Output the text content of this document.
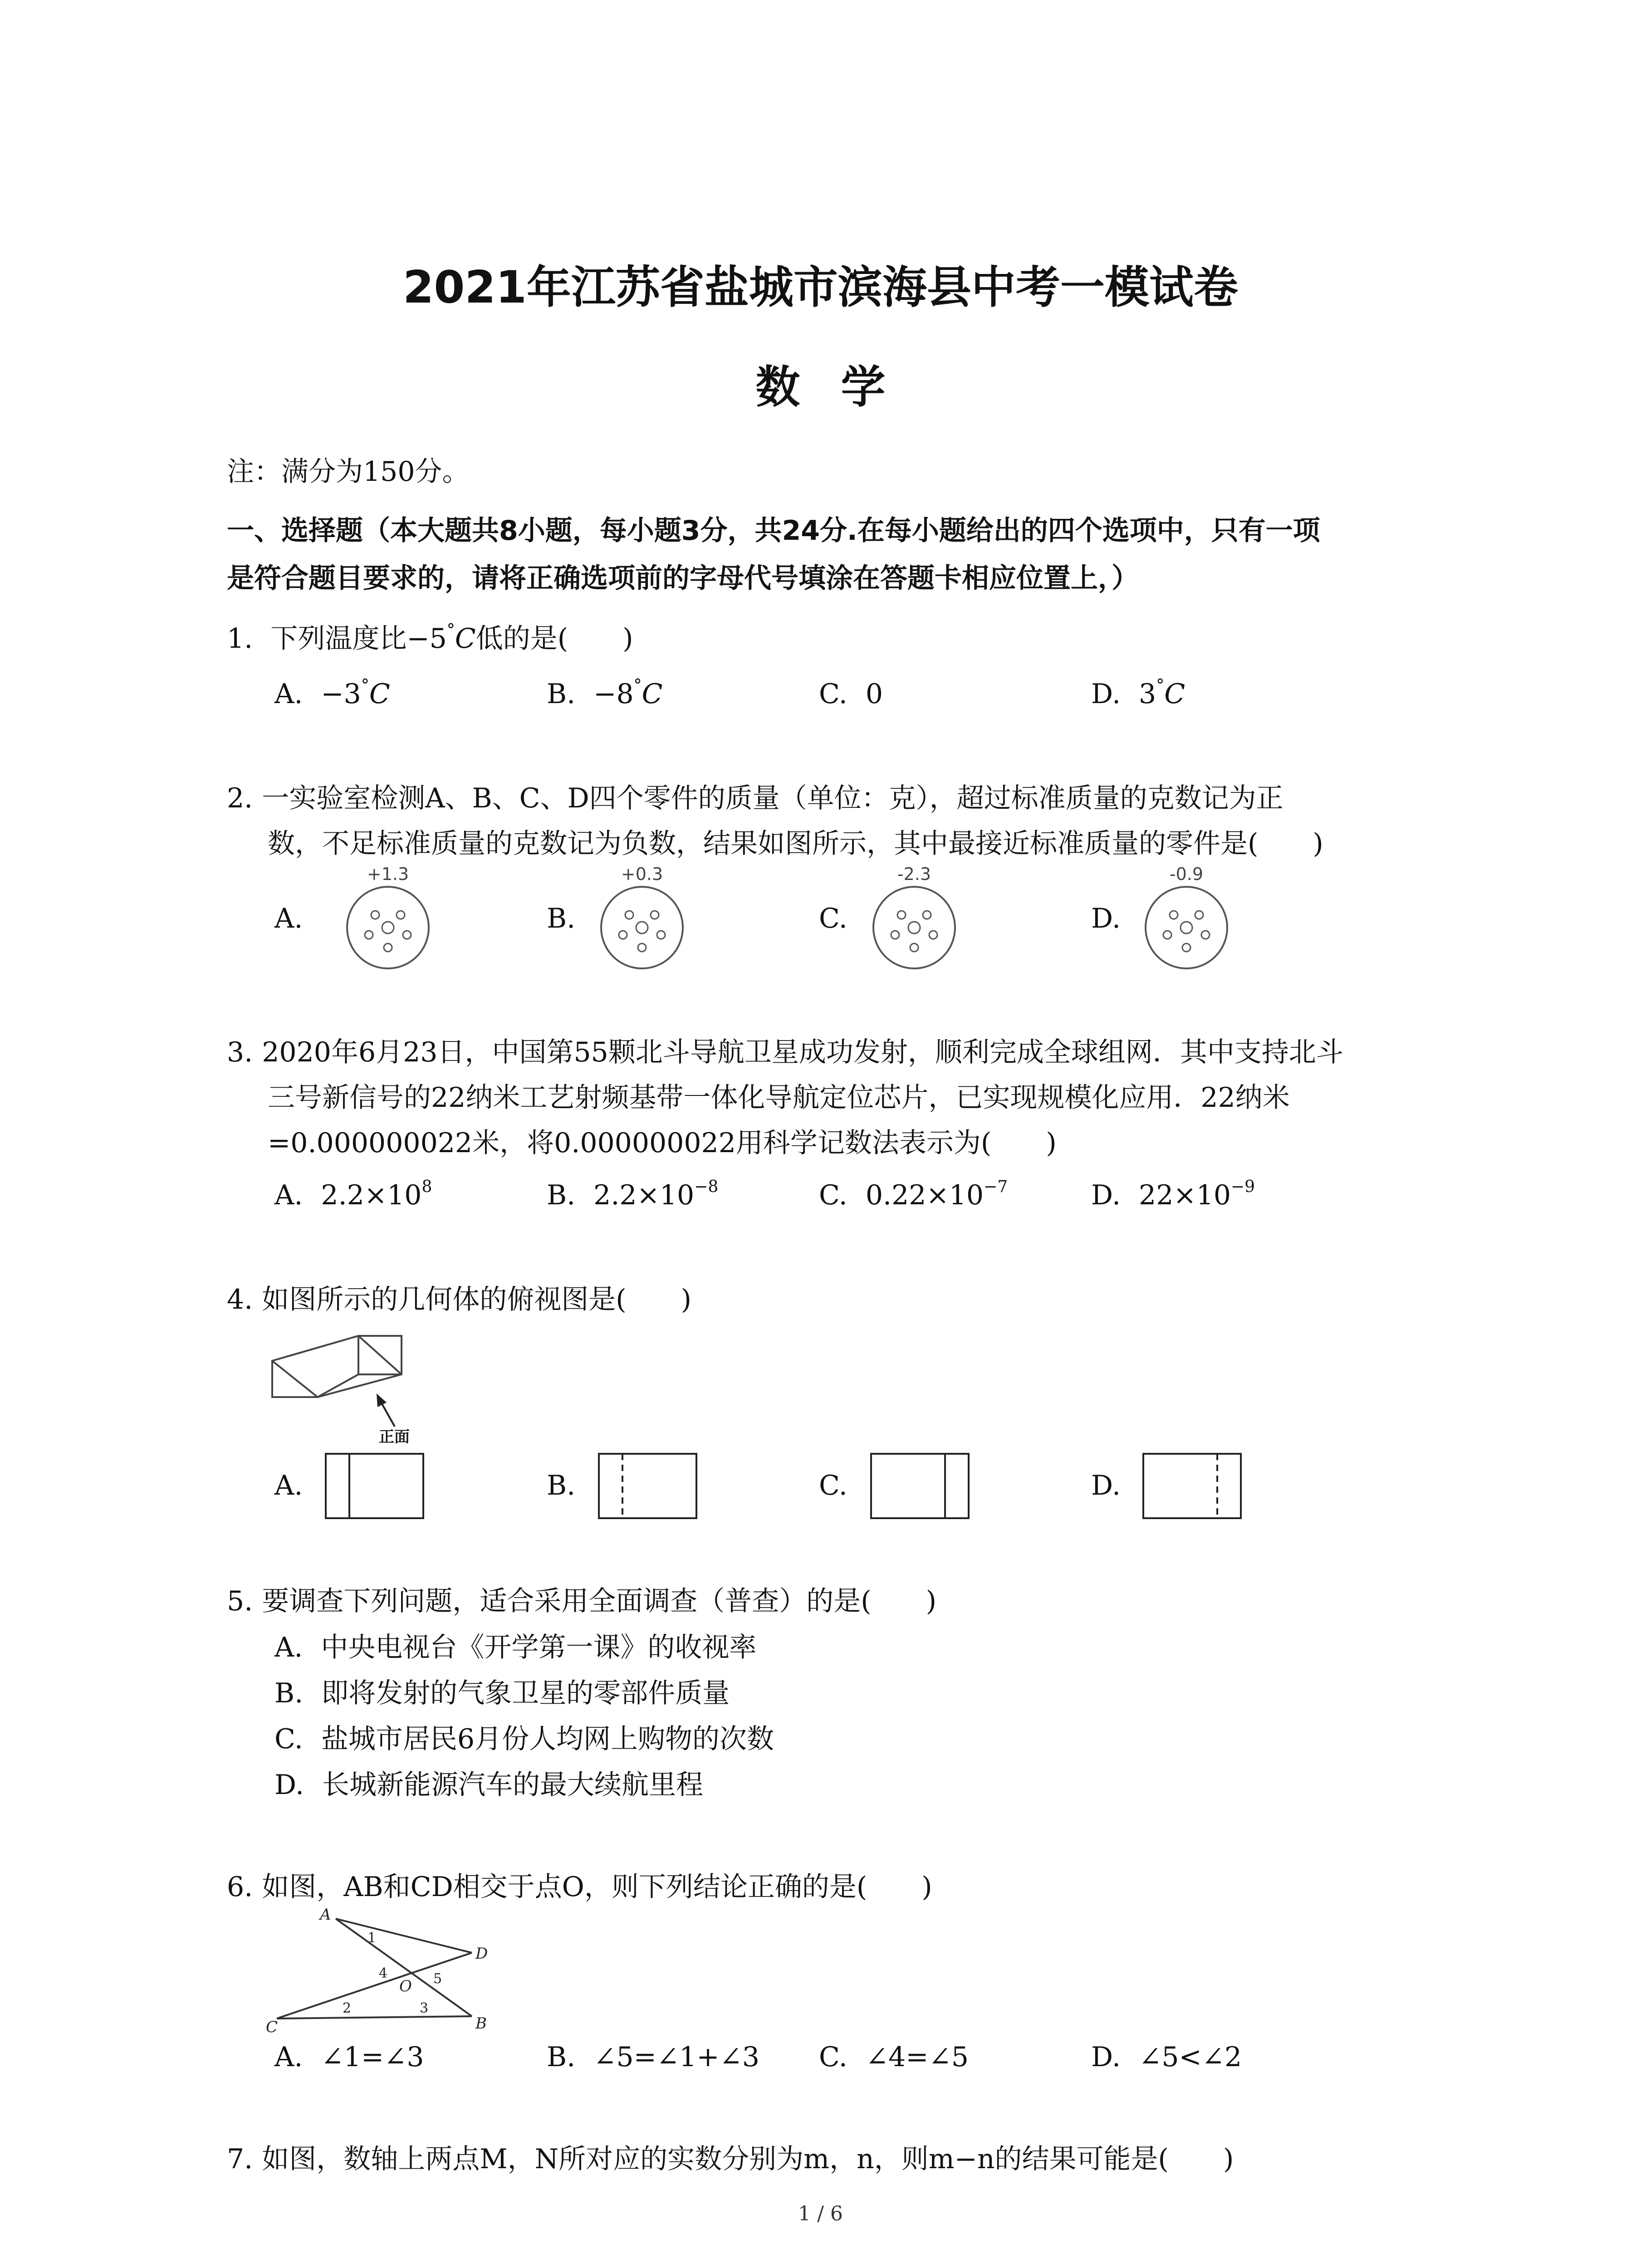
2021年江苏省盐城市滨海县中考一模试卷
数学
注：满分为150分。
一、选择题（本大题共8小题，每小题3分，共24分.在每小题给出的四个选项中，只有一项
是符合题目要求的，请将正确选项前的字母代号填涂在答题卡相应位置上，）
1. 下列温度比−5°C低的是( )
A. −3°C	B. −8°C	C. 0	D. 3°C
2. 一实验室检测A、B、C、D四个零件的质量（单位：克），超过标准质量的克数记为正
数，不足标准质量的克数记为负数，结果如图所示，其中最接近标准质量的零件是( )
A.	B.	C.	D.
+1.3	+0.3	-2.3	-0.9
3. 2020年6月23日，中国第55颗北斗导航卫星成功发射，顺利完成全球组网．其中支持北斗
三号新信号的22纳米工艺射频基带一体化导航定位芯片，已实现规模化应用．22纳米
=0.000000022米，将0.000000022用科学记数法表示为( )
A. $2.2\times 10^8$	B. $2.2\times 10^{-8}$	C. $0.22\times 10^{-7}$	D. $22\times 10^{-9}$
4. 如图所示的几何体的俯视图是( )
正面
A.	B.	C.	D.
5. 要调查下列问题，适合采用全面调查（普查）的是( )
A. 中央电视台《开学第一课》的收视率
B. 即将发射的气象卫星的零部件质量
C. 盐城市居民6月份人均网上购物的次数
D. 长城新能源汽车的最大续航里程
6. 如图，AB和CD相交于点O，则下列结论正确的是( )
A
D
C	B
O
1
2	3
4	5
A. ∠1=∠3	B. ∠5=∠1+∠3 C. ∠4=∠5	D. ∠5<∠2
7. 如图，数轴上两点M，N所对应的实数分别为m，n，则m−n的结果可能是( )
1 / 6
